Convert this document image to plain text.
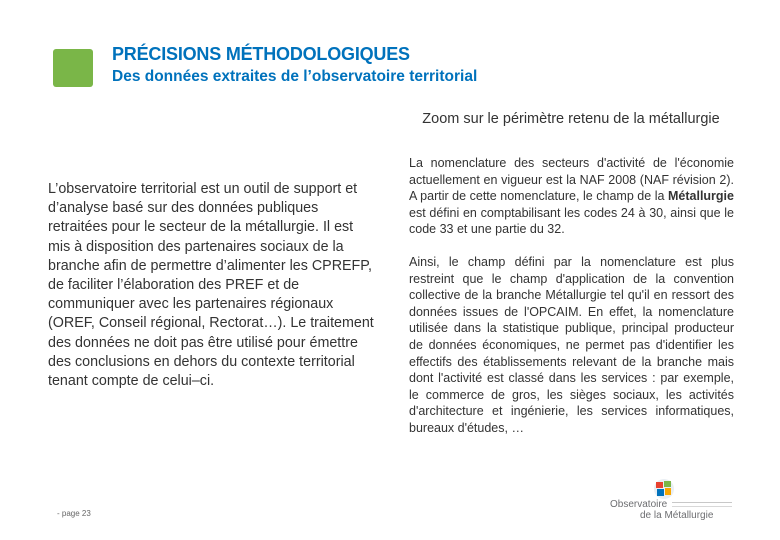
PRÉCISIONS MÉTHODOLOGIQUES
Des données extraites de l’observatoire territorial
Zoom sur le périmètre retenu de la métallurgie
L’observatoire territorial est un outil de support et d’analyse basé sur des données publiques retraitées pour le secteur de la métallurgie. Il est mis à disposition des partenaires sociaux de la branche afin de permettre d’alimenter les CPREFP, de faciliter l’élaboration des PREF et de communiquer avec les partenaires régionaux (OREF, Conseil régional, Rectorat…). Le traitement des données ne doit pas être utilisé pour émettre des conclusions en dehors du contexte territorial tenant compte de celui–ci.

La nomenclature des secteurs d'activité de l'économie actuellement en vigueur est la NAF 2008 (NAF révision 2). A partir de cette nomenclature, le champ de la Métallurgie est défini en comptabilisant les codes 24 à 30, ainsi que le code 33 et une partie du 32.

Ainsi, le champ défini par la nomenclature est plus restreint que le champ d'application de la convention collective de la branche Métallurgie tel qu'il en ressort des données issues de l'OPCAIM. En effet, la nomenclature utilisée dans la statistique publique, principal producteur de données économiques, ne permet pas d'identifier les effectifs des établissements relevant de la branche mais dont l'activité est classé dans les services : par exemple, le commerce de gros, les sièges sociaux, les activités d'architecture et ingénierie, les services informatiques, bureaux d'études, …

- page 23
Observatoire
de la Métallurgie
